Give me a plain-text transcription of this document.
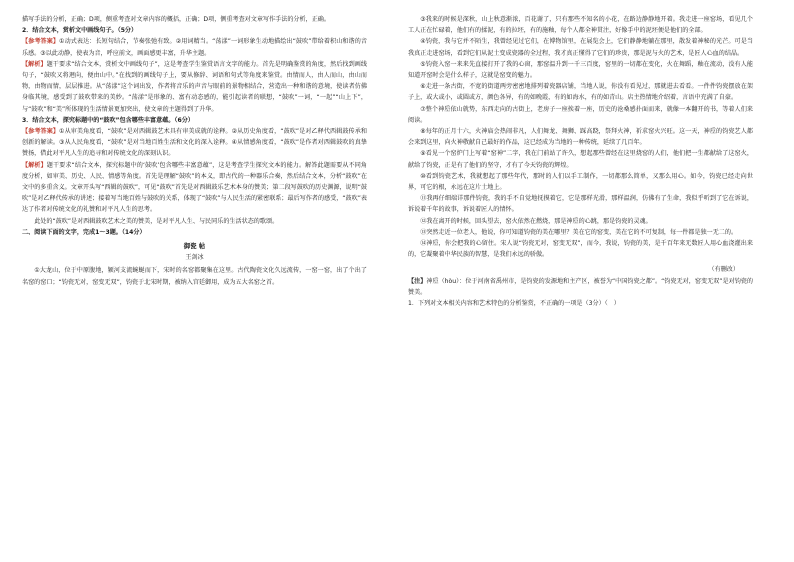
描写手法的分析，正确；D项，侧重考查对文章内容的概括，正确；D项，侧重考查对文章写作手法的分析，正确。

2．结合文本，赏析文中画线句子。（5分）

【参考答案】①动式表达：长短句结合，节奏张弛有致。②用词精当。“荡漾”一词形象生动地描绘出“鼓吹”带给着积山和谐的音乐感。③以此动静，使表为音，呼应前文，画面感更丰富，升华主题。

【解析】题干要求“结合文本，赏析文中画线句子”，这是考查学生鉴赏语言文字的能力。首先是明确鉴赏的角度，然后找到画线句子，“鼓吹又将迴向，便由山中。”在找到的画线句子上，要从修辞、词语和句式等角度来鉴赏。由情而人，由人而山，由山而物，由物而情，层层推进。从“荡漾”这个词出发，作者将音乐的声音与眼前的景物相结合，营造出一种和谐的意境，使读者仿佛身临其境，感受到了鼓吹带来的美妙。“荡漾”是形象的、富有动态感的，能引起读者的联想，“鼓吹”一词，“一起”“山上下”，与“鼓吹”和“美”所体现的生活情景更加突出，使文章的主题得到了升华。

3．结合文本，探究标题中的“鼓吹”包含哪些丰富意蕴。（6分）

【参考答案】①从审美角度看，“鼓吹”是对西辑鼓艺术具有审美成就的诠释。②从历史角度看，“鼓吹”是对乙释代西辑鼓传承和创新的解读。③从人民角度看，“鼓吹”是对当地百姓生活和文化的深入诠释。④从情感角度看，“鼓吹”是作者对西辑鼓吹的真挚赞扬，借此对平凡人生的追寻和对传统文化的深刻认识。

【解析】题干要求“结合文本，探究标题中的‘鼓吹’包含哪些丰富意蕴”，这是考查学生探究文本的能力。解答此题需要从不同角度分析，如审美、历史、人民、情感等角度。首先是理解“鼓吹”的本义，即古代的一种器乐合奏，然后结合文本，分析“鼓吹”在文中的多重含义。文章开头写“西辑的鼓吹”，可见“鼓吹”首先是对西辑鼓乐艺术本身的赞美；第二段写鼓吹的历史渊源，说明“鼓吹”是对乙释代传承的讲述；接着写当地百姓与鼓吹的关系，体现了“鼓吹”与人民生活的紧密联系；最后写作者的感受，“鼓吹”表达了作者对传统文化的礼赞和对平凡人生的思考。

此处的“鼓吹”是对西辑鼓吹艺术之美的赞美，是对平凡人生、与民同乐的生活状态的歌颂。

二、阅读下面的文字，完成1～3题。（14分）

御瓷 帖
王剑冰

①大龙山，位于中原腹地，颍河支流蜿蜒而下，宋时的名窑都聚集在这里。古代陶瓷文化久远流传，一窑一窑，出了个出了名窑的窑口；“钧瓷无对，窑变无双”，钧瓷于北宋时期，被纳入宫廷御用，成为五大名窑之首。

③我来的时候是深秋，山上秋意渐浓，百花谢了，只有那些不知名的小花，在路边静静地开着。我走进一座窑场，看见几个工人正在忙碌着，他们有的揉泥，有的拉坯，有的施釉，每个人都全神贯注，好像手中的泥坯便是他们的全部。

④钧瓷，我与它并不陌生，我曾经见过它们，在博物馆里，在展览会上，它们静静地躺在那里，散发着神秘的光芒。可是当我真正走进窑场，看到它们从泥土变成瓷器的全过程，我才真正懂得了它们的珍贵，那是泥与火的艺术，是匠人心血的结晶。

⑤钧瓷入窑一来来先直接打开了我的心窗，那窑温升到一千三百度，窑里的一切都在变化，火在舞蹈，釉在流动，没有人能知道开窑时会是什么样子，这就是窑变的魅力。

⑥走进一条古街，不宽的街道两旁密密地排列着瓷器店铺，当地人说，你没有看见过，那就进去看看。一件件钧瓷摆放在架子上，或大或小，或圆或方，颜色各异，有的如晚霞，有的如海水，有的如青山。店主热情地介绍着，言语中充满了自豪。

⑦整个神垕依山就势，东西走向的古街上，老房子一座挨着一座，历史的沧桑感扑面而来，就像一本翻开的书，等着人们来阅读。

⑧每年的正月十六，火神庙会热闹非凡，人们舞龙、舞狮、踩高跷，祭拜火神，祈求窑火兴旺。这一天，神垕的钧瓷艺人都会来到这里，向火神敬献自己最好的作品，这已经成为当地的一种传统，延续了几百年。

⑨看见一个窑炉门上写着“窑神”二字，我在门前站了许久，想起那些曾经在这里烧窑的人们，他们把一生都献给了这窑火，献给了钧瓷，正是有了他们的坚守，才有了今天钧瓷的辉煌。

⑩看到钧瓷艺术，我就想起了那些年代，那时的人们以手工制作，一切都那么简单，又那么用心。如今，钧瓷已经走向世界，可它的根，永远在这片土地上。

⑪我再仔细端详那件钧瓷，我的手不自觉地抚摸着它，它是那样光滑，那样温润，仿佛有了生命，我似乎听到了它在诉说，诉说着千年的故事，诉说着匠人的情怀。

⑫我在离开的时候，回头望去，窑火依然在燃烧，那是神垕的心跳，那是钧瓷的灵魂。

⑬突然走近一位老人，他说，你可知道钧瓷的美在哪里？美在它的窑变，美在它的不可复制，每一件都是独一无二的。

⑭神垕，你会把我的心留住。宋人说“钧瓷无对，窑变无双”，而今，我说，钧瓷的美，是千百年来无数匠人用心血浇灌出来的，它凝聚着中华民族的智慧，是我们永远的骄傲。

（有删改）

【注】神垕（hòu）：位于河南省禹州市，是钧瓷的发源地和主产区，被誉为“中国钧瓷之都”。“钧瓷无对，窑变无双”是对钧瓷的赞美。

1．下列对文本相关内容和艺术特色的分析鉴赏，不正确的一项是（3分）（　）
